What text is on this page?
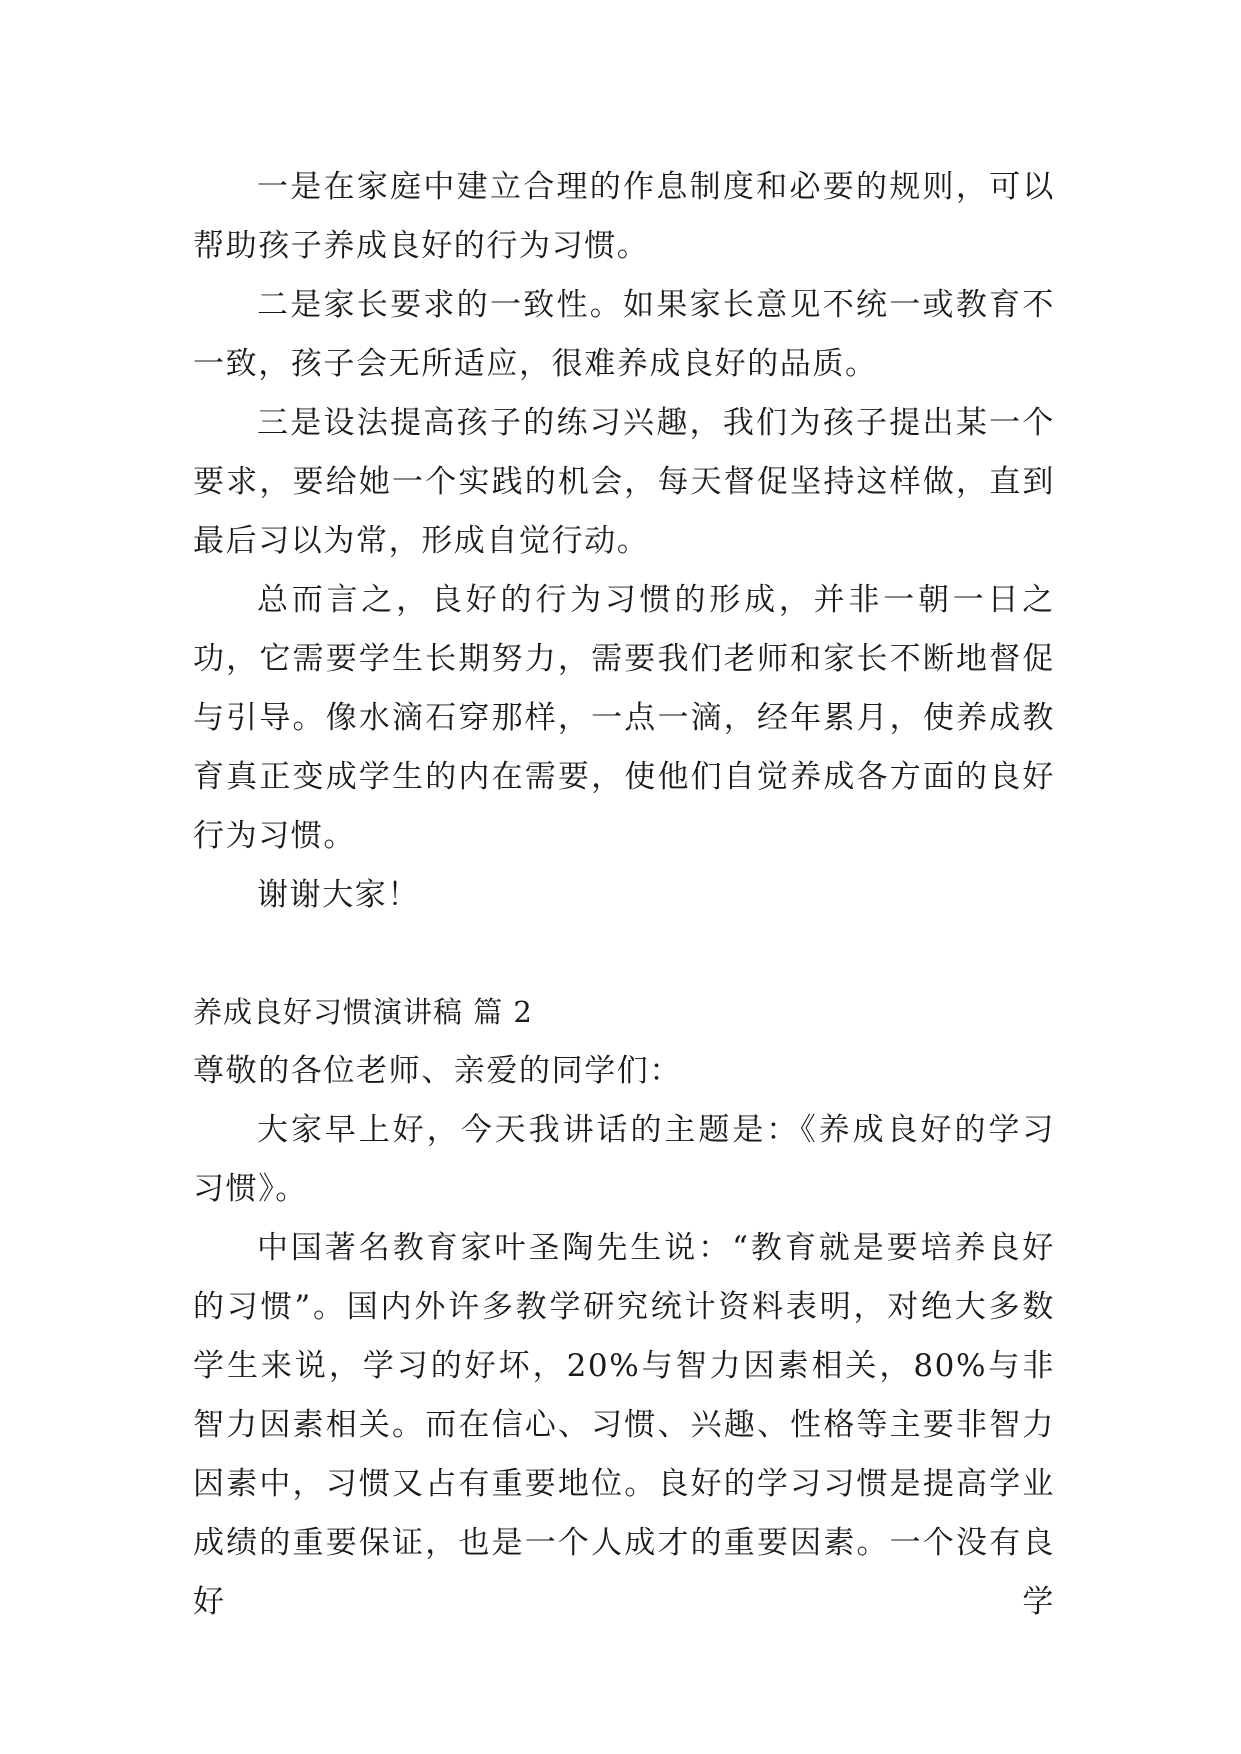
一是在家庭中建立合理的作息制度和必要的规则，可以帮助孩子养成良好的行为习惯。

二是家长要求的一致性。如果家长意见不统一或教育不一致，孩子会无所适应，很难养成良好的品质。

三是设法提高孩子的练习兴趣，我们为孩子提出某一个要求，要给她一个实践的机会，每天督促坚持这样做，直到最后习以为常，形成自觉行动。

总而言之，良好的行为习惯的形成，并非一朝一日之功，它需要学生长期努力，需要我们老师和家长不断地督促与引导。像水滴石穿那样，一点一滴，经年累月，使养成教育真正变成学生的内在需要，使他们自觉养成各方面的良好行为习惯。

谢谢大家！

养成良好习惯演讲稿 篇 2

尊敬的各位老师、亲爱的同学们：

大家早上好，今天我讲话的主题是：《养成良好的学习习惯》。

中国著名教育家叶圣陶先生说：“教育就是要培养良好的习惯”。国内外许多教学研究统计资料表明，对绝大多数学生来说，学习的好坏，20%与智力因素相关，80%与非智力因素相关。而在信心、习惯、兴趣、性格等主要非智力因素中，习惯又占有重要地位。良好的学习习惯是提高学业成绩的重要保证，也是一个人成才的重要因素。一个没有良好学
